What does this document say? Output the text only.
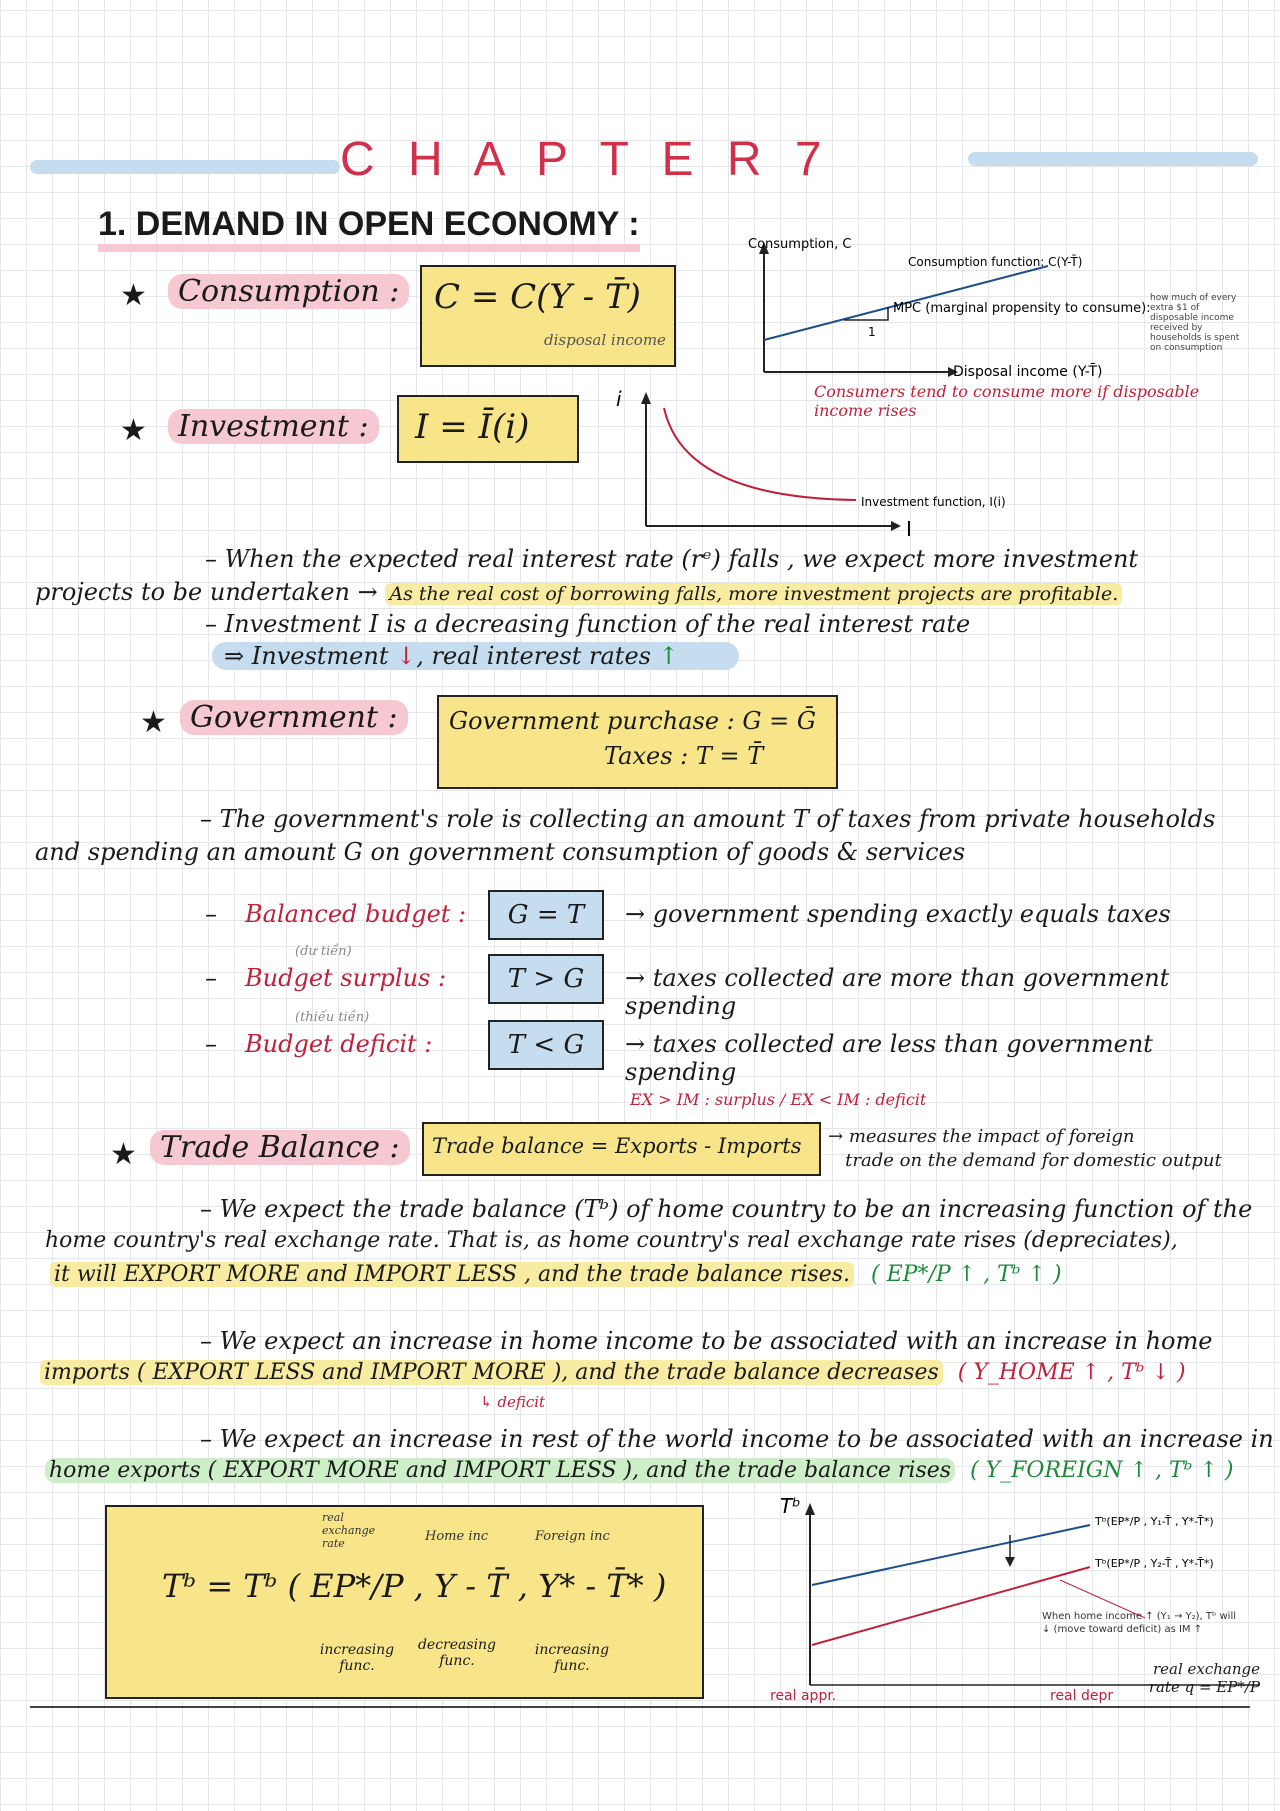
C H A P T E R 7
1. DEMAND IN OPEN ECONOMY :
★	Consumption : C = C(Y - T̄)
disposal income	1
Consumption, C
Consumption function: C(Y-T̄)
MPC (marginal propensity to consume):
Disposal income (Y-T̄)
how much of every extra $1 of disposable income received by households is spent on consumption
Consumers tend to consume more if disposable income rises
★	Investment : I = Ī(i)
i
I
Investment function, I(i)
– When the expected real interest rate (rᵉ) falls , we expect more investment
projects to be undertaken → As the real cost of borrowing falls, more investment projects are profitable.
– Investment I is a decreasing function of the real interest rate
⇒ Investment ↓, real interest rates ↑
★ Government :	Government purchase : G = Ḡ
Taxes : T = T̄
– The government's role is collecting an amount T of taxes from private households
and spending an amount G on government consumption of goods & services
– Balanced budget :	G = T	→ government spending exactly equals taxes
(dư tiền)
– Budget surplus :	T > G	→ taxes collected are more than government spending
(thiếu tiền)
– Budget deficit :	T < G	→ taxes collected are less than government spending
EX > IM : surplus / EX < IM : deficit
★ Trade Balance :	Trade balance = Exports - Imports → measures the impact of foreign
trade on the demand for domestic output
– We expect the trade balance (Tᵇ) of home country to be an increasing function of the
home country's real exchange rate. That is, as home country's real exchange rate rises (depreciates),
it will EXPORT MORE and IMPORT LESS , and the trade balance rises. ( EP*/P ↑ , Tᵇ ↑ )
– We expect an increase in home income to be associated with an increase in home
imports ( EXPORT LESS and IMPORT MORE ), and the trade balance decreases ( Y_HOME ↑ , Tᵇ ↓ )
↳ deficit
– We expect an increase in rest of the world income to be associated with an increase in
home exports ( EXPORT MORE and IMPORT LESS ), and the trade balance rises ( Y_FOREIGN ↑ , Tᵇ ↑ )
real exchange rate	Home inc	Foreign inc
Tᵇ = Tᵇ ( EP*/P , Y - T̄ , Y* - T̄* )
increasing func.
decreasing func.
increasing func.
Tᵇ
Tᵇ(EP*/P , Y₁-T̄ , Y*-T̄*)
Tᵇ(EP*/P , Y₂-T̄ , Y*-T̄*)
real appr.	real depr
When home income ↑ (Y₁ → Y₂), Tᵇ will ↓ (move toward deficit) as IM ↑
real exchange rate q = EP*/P
